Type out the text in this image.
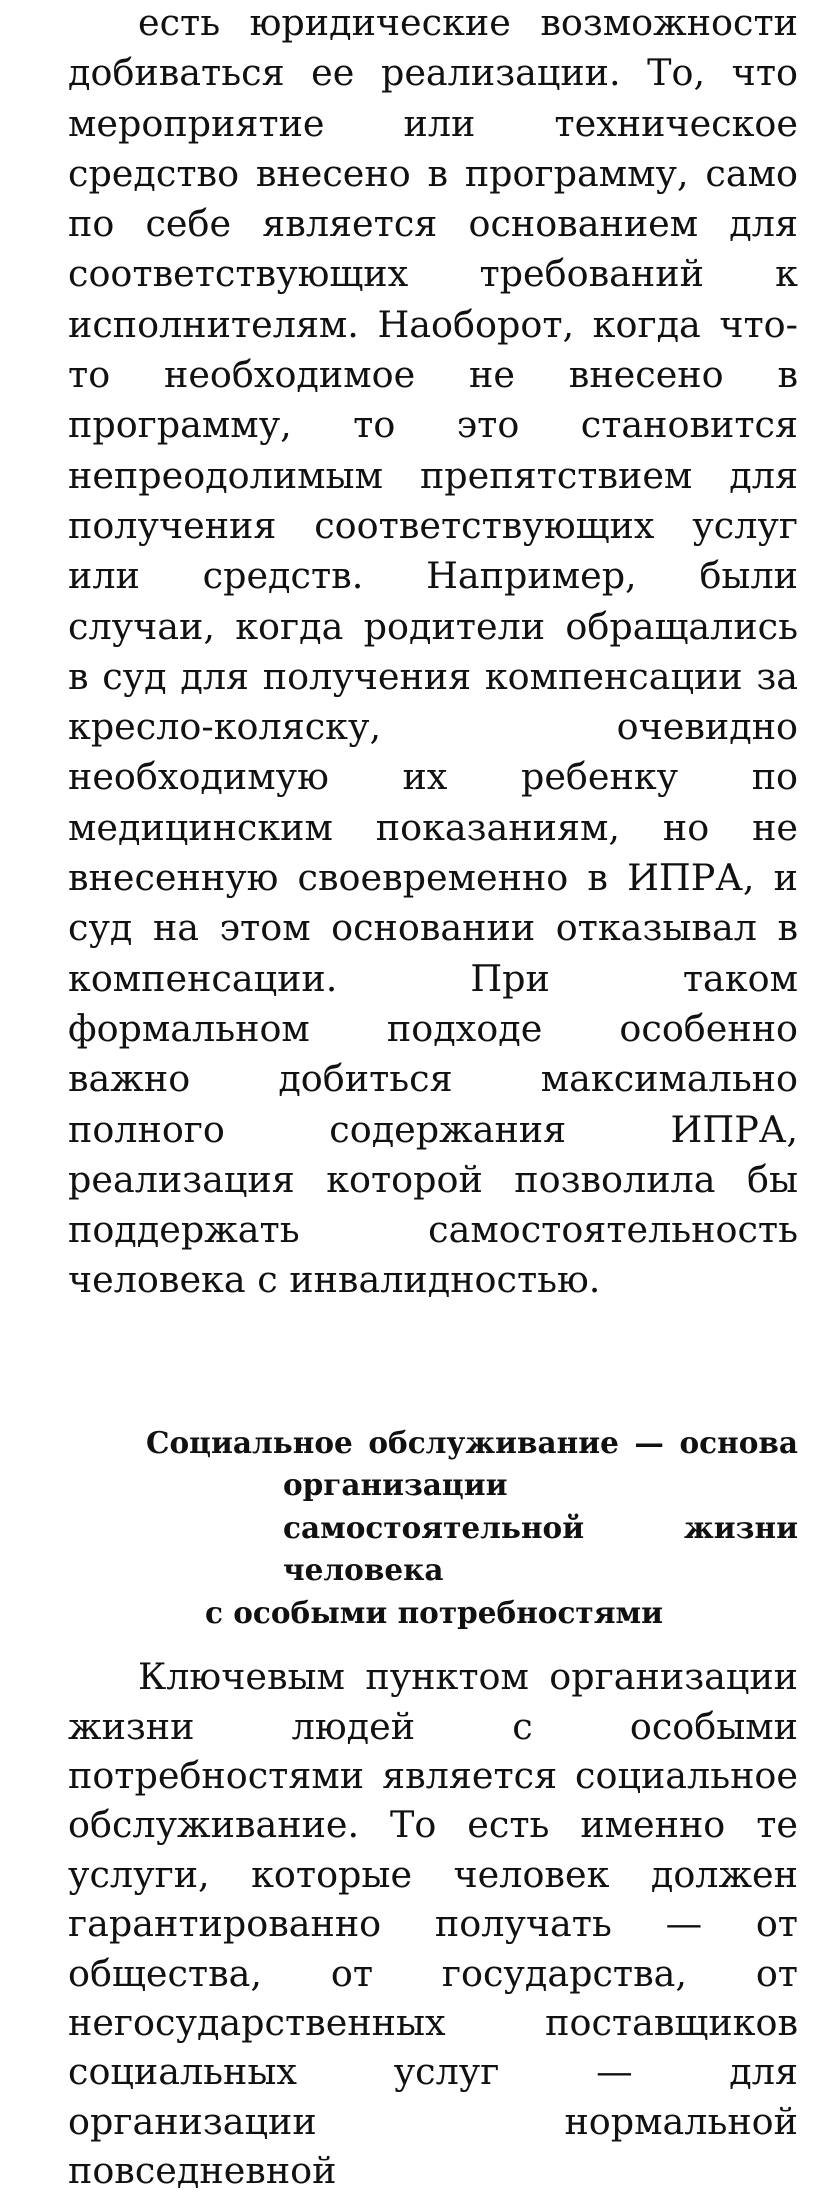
есть юридические возможности добиваться ее реализации. То, что мероприятие или техническое средство внесено в программу, само по себе является основанием для соответствующих требований к исполнителям. Наоборот, когда что-то необходимое не внесено в программу, то это становится непреодолимым препятствием для получения соответствующих услуг или средств. Например, были случаи, когда родители обращались в суд для получения компенсации за кресло-коляску, очевидно необходимую их ребенку по медицинским показаниям, но не внесенную своевременно в ИПРА, и суд на этом основании отказывал в компенсации. При таком формальном подходе особенно важно добиться максимально полного содержания ИПРА, реализация которой позволила бы поддержать самостоятельность человека с инвалидностью.

Социальное обслуживание — основа
организации
самостоятельной жизни
человека
с особыми потребностями

Ключевым пунктом организации жизни людей с особыми потребностями является социальное обслуживание. То есть именно те услуги, которые человек должен гарантированно получать — от общества, от государства, от негосударственных поставщиков социальных услуг — для организации нормальной повседневной
